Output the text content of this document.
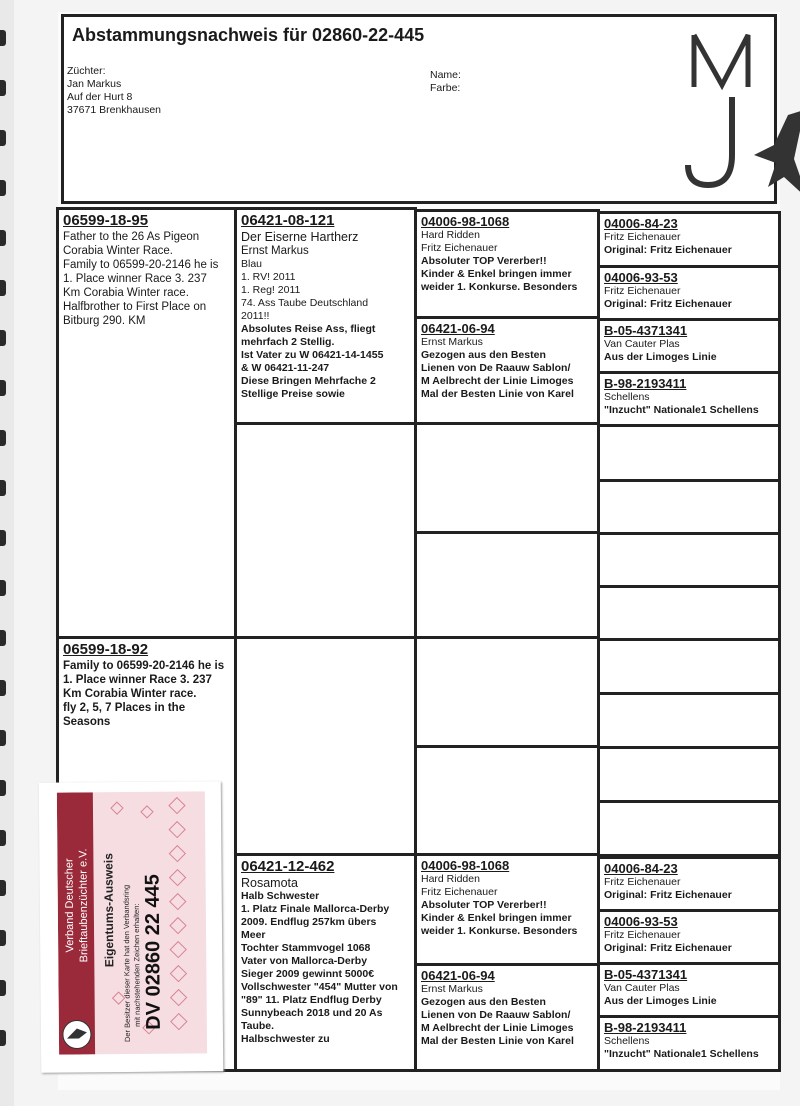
Abstammungsnachweis für 02860-22-445
Züchter:
Jan Markus
Auf der Hurt 8
37671 Brenkhausen
Name:
Farbe:
06599-18-95
Father to the 26 As Pigeon
Corabia Winter Race.
Family to 06599-20-2146 he is
1. Place winner Race 3. 237
Km Corabia Winter race.
Halfbrother to First Place on
Bitburg 290. KM
06599-18-92
Family to 06599-20-2146 he is
1. Place winner Race 3. 237
Km Corabia Winter race.
fly 2, 5, 7 Places in the
Seasons
06421-08-121
Der Eiserne Hartherz
Ernst Markus
Blau
1. RV! 2011
1. Reg! 2011
74. Ass Taube Deutschland
2011!!
Absolutes Reise Ass, fliegt
mehrfach 2 Stellig.
Ist Vater zu W 06421-14-1455
& W 06421-11-247
Diese Bringen Mehrfache 2
Stellige Preise sowie
06421-12-462
Rosamota
Halb Schwester
1. Platz Finale Mallorca-Derby
2009. Endflug 257km übers
Meer
Tochter Stammvogel 1068
Vater von Mallorca-Derby
Sieger 2009 gewinnt 5000€
Vollschwester "454" Mutter von
"89" 11. Platz Endflug Derby
Sunnybeach 2018 und 20 As
Taube.
Halbschwester zu
04006-98-1068
Hard Ridden
Fritz Eichenauer
Absoluter TOP Vererber!!
Kinder & Enkel bringen immer
weider 1. Konkurse. Besonders
06421-06-94
Ernst Markus
Gezogen aus den Besten
Lienen von De Raauw Sablon/
M Aelbrecht der Linie Limoges
Mal der Besten Linie von Karel
04006-98-1068
Hard Ridden
Fritz Eichenauer
Absoluter TOP Vererber!!
Kinder & Enkel bringen immer
weider 1. Konkurse. Besonders
06421-06-94
Ernst Markus
Gezogen aus den Besten
Lienen von De Raauw Sablon/
M Aelbrecht der Linie Limoges
Mal der Besten Linie von Karel
04006-84-23
Fritz Eichenauer
Original: Fritz Eichenauer
04006-93-53
Fritz Eichenauer
Original: Fritz Eichenauer
B-05-4371341
Van Cauter Plas
Aus der Limoges Linie
B-98-2193411
Schellens
"Inzucht" Nationale1 Schellens
04006-84-23
Fritz Eichenauer
Original: Fritz Eichenauer
04006-93-53
Fritz Eichenauer
Original: Fritz Eichenauer
B-05-4371341
Van Cauter Plas
Aus der Limoges Linie
B-98-2193411
Schellens
"Inzucht" Nationale1 Schellens
Verband Deutscher Brieftaubenzüchter e.V. Eigentums-Ausweis Der Besitzer dieser Karte hat den Verbandsring mit nachstehenden Zeichen erhalten: DV 02860 22 445
